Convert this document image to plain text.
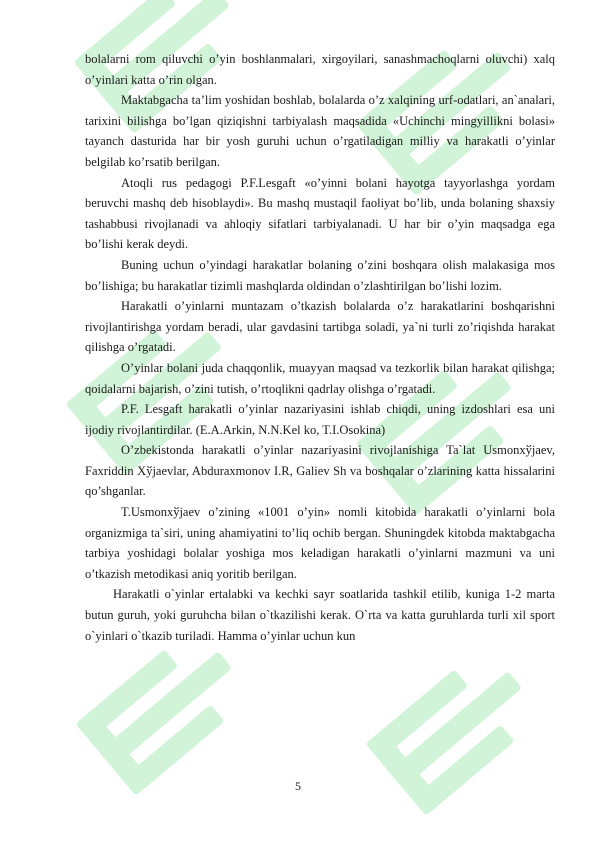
bolalarni rom qiluvchi o’yin boshlanmalari, xirgoyilari, sanashmachoqlarni oluvchi) xalq o’yinlari katta o’rin olgan.

Maktabgacha ta’lim yoshidan boshlab, bolalarda o’z xalqining urf-odatlari, an`analari, tarixini bilishga bo’lgan qiziqishni tarbiyalash maqsadida «Uchinchi mingyillikni bolasi» tayanch dasturida har bir yosh guruhi uchun o’rgatiladigan milliy va harakatli o’yinlar belgilab ko’rsatib berilgan.

Atoqli rus pedagogi P.F.Lesgaft «o’yinni bolani hayotga tayyorlashga yordam beruvchi mashq deb hisoblaydi». Bu mashq mustaqil faoliyat bo’lib, unda bolaning shaxsiy tashabbusi rivojlanadi va ahloqiy sifatlari tarbiyalanadi. U har bir o’yin maqsadga ega bo’lishi kerak deydi.

Buning uchun o’yindagi harakatlar bolaning o’zini boshqara olish malakasiga mos bo’lishiga; bu harakatlar tizimli mashqlarda oldindan o’zlashtirilgan bo’lishi lozim.

Harakatli o’yinlarni muntazam o’tkazish bolalarda o’z harakatlarini boshqarishni rivojlantirishga yordam beradi, ular gavdasini tartibga soladi, ya`ni turli zo’riqishda harakat qilishga o’rgatadi.

O’yinlar bolani juda chaqqonlik, muayyan maqsad va tezkorlik bilan harakat qilishga; qoidalarni bajarish, o’zini tutish, o’rtoqlikni qadrlay olishga o’rgatadi.

P.F. Lesgaft harakatli o’yinlar nazariyasini ishlab chiqdi, uning izdoshlari esa uni ijodiy rivojlantirdilar. (E.A.Arkin, N.N.Kel ko, T.I.Osokina)

O’zbekistonda harakatli o’yinlar nazariyasini rivojlanishiga Ta`lat Usmonxўjaev, Faxriddin Xўjaevlar, Abduraxmonov I.R, Galiev Sh va boshqalar o’zlarining katta hissalarini qo’shganlar.

T.Usmonxўjaev o’zining «1001 o’yin» nomli kitobida harakatli o’yinlarni bola organizmiga ta`siri, uning ahamiyatini to’liq ochib bergan. Shuningdek kitobda maktabgacha tarbiya yoshidagi bolalar yoshiga mos keladigan harakatli o’yinlarni mazmuni va uni o’tkazish metodikasi aniq yoritib berilgan.

Harakatli o`yinlar ertalabki va kechki sayr soatlarida tashkil etilib, kuniga 1-2 marta butun guruh, yoki guruhcha bilan o`tkazilishi kerak. O`rta va katta guruhlarda turli xil sport o`yinlari o`tkazib turiladi. Hamma o’yinlar uchun kun

5
